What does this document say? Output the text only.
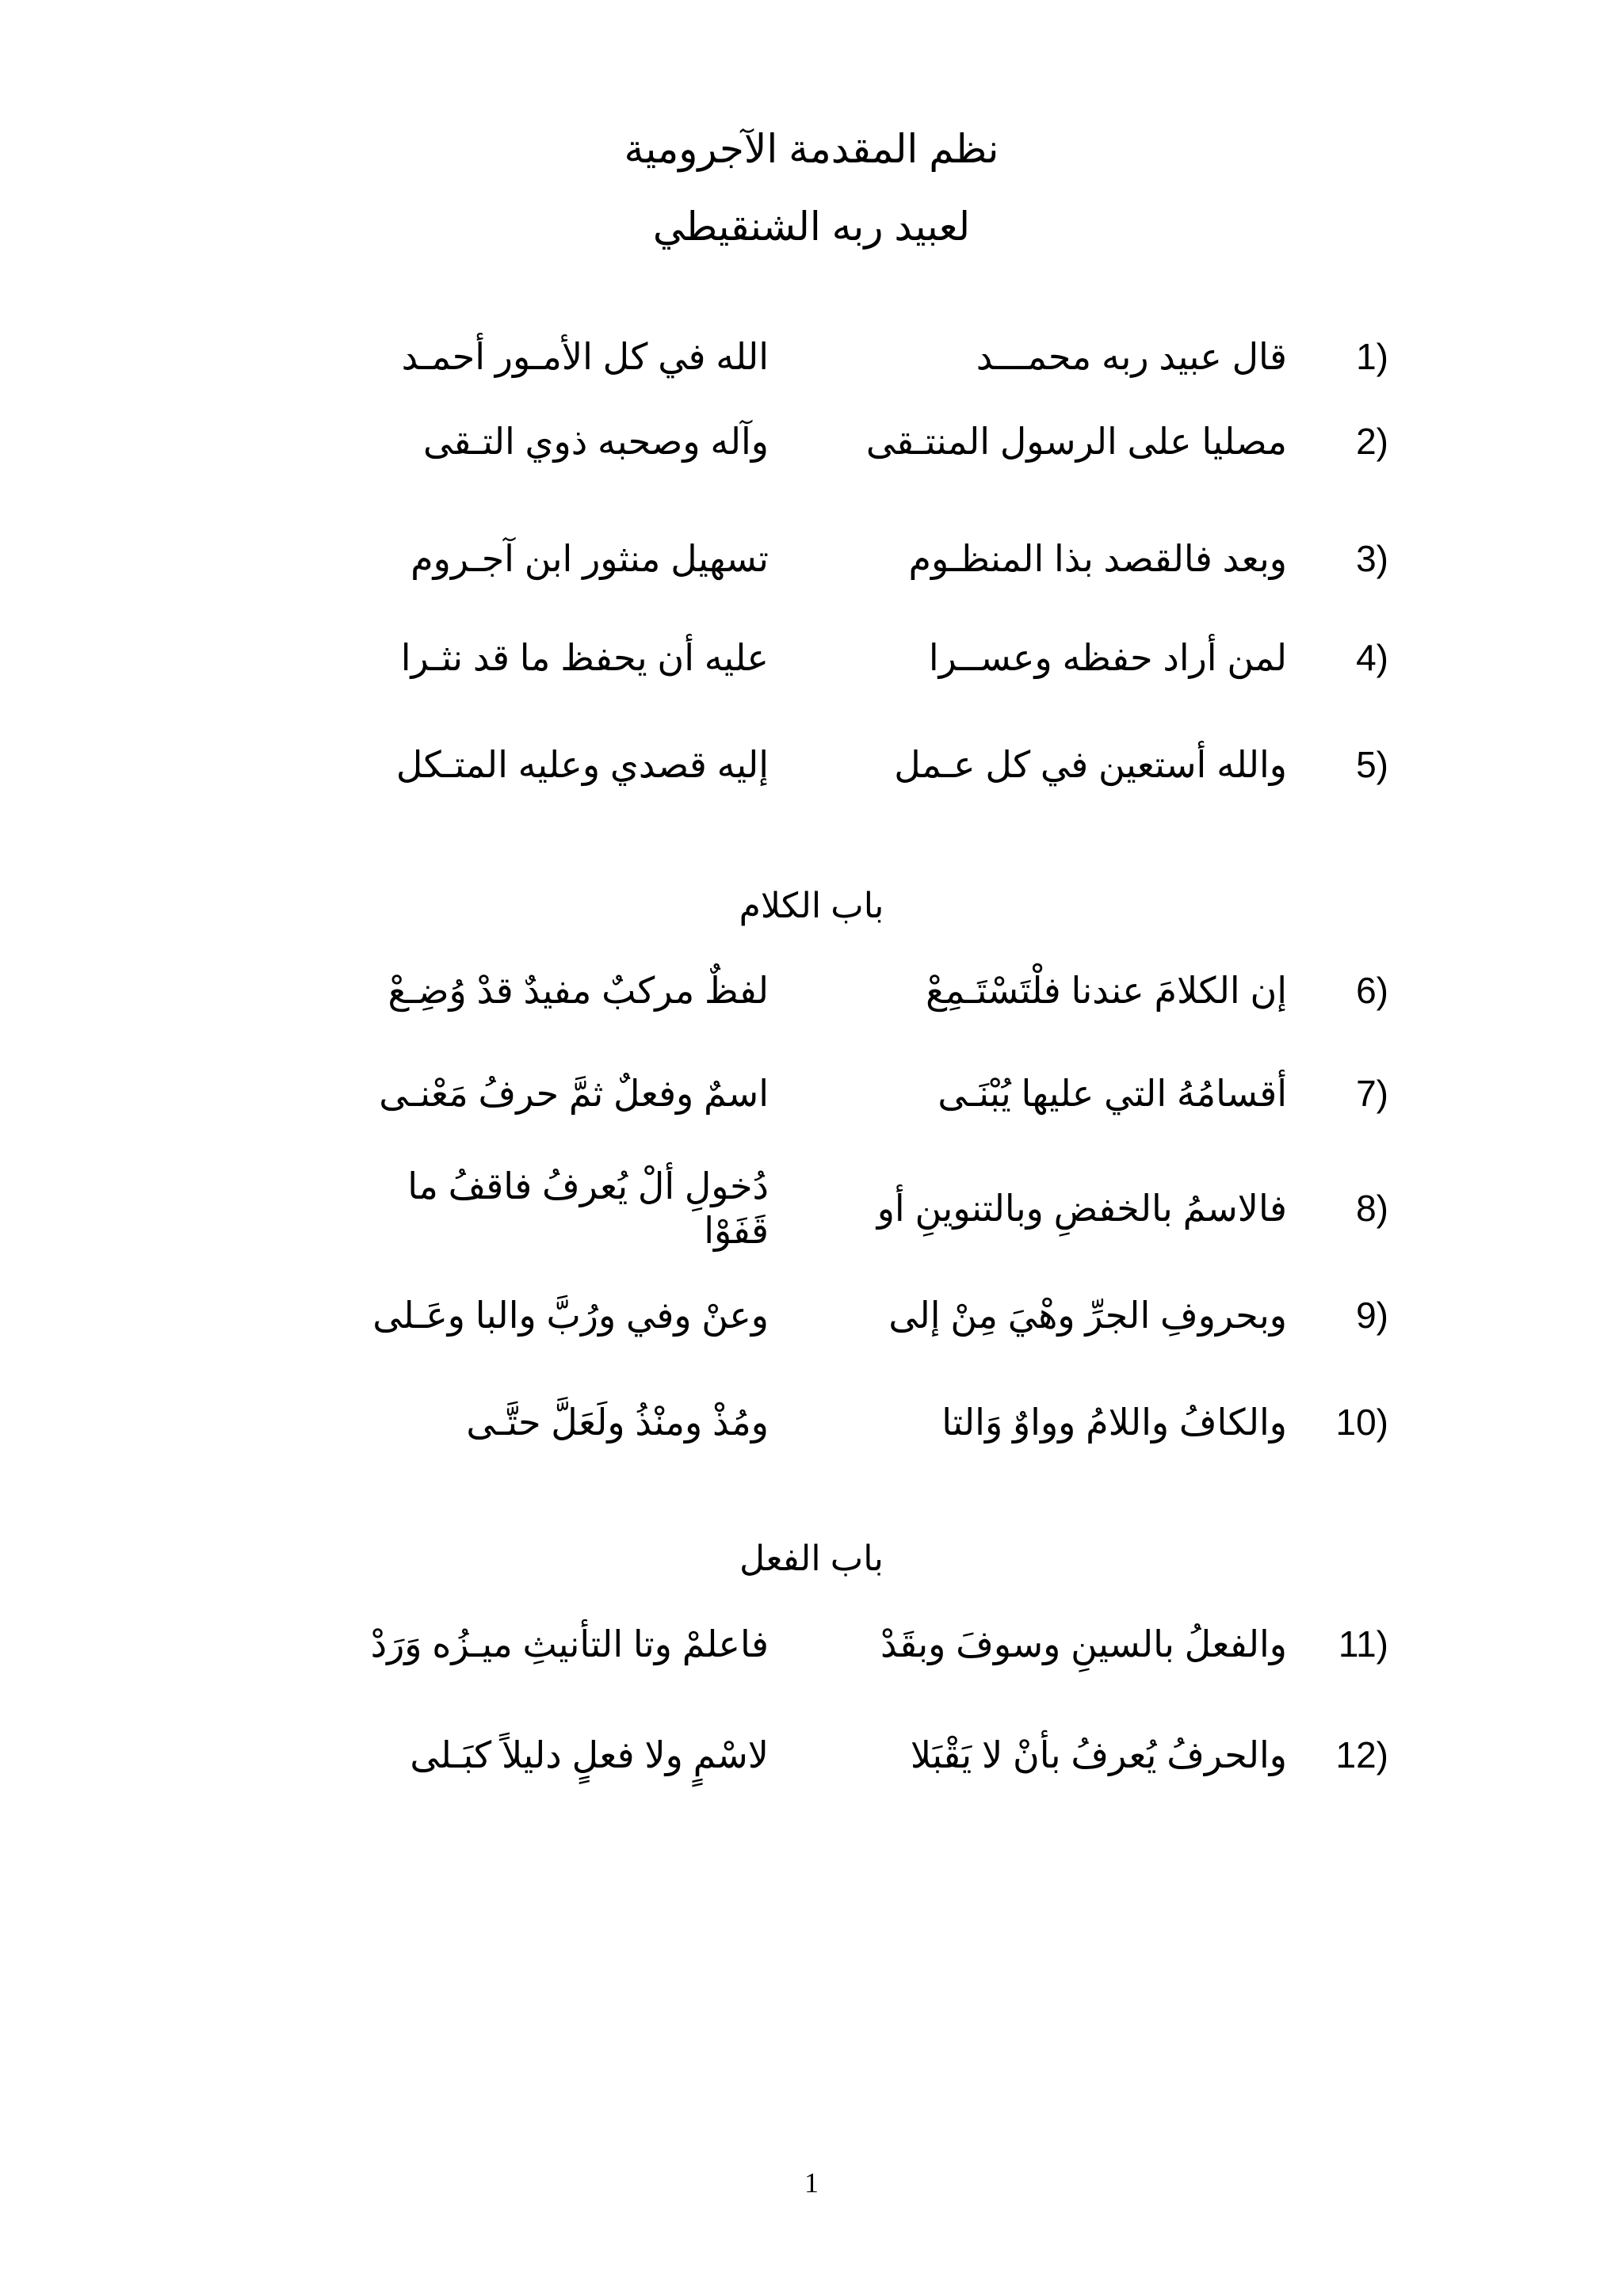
نظم المقدمة الآجرومية
لعبيد ربه الشنقيطي
1)
قال عبيد ربه محمـــد
الله في كل الأمـور أحمـد
2)
مصليا على الرسول المنتـقى
وآله وصحبه ذوي التـقى
3)
وبعد فالقصد بذا المنظـوم
تسهيل منثور ابن آجـروم
4)
لمن أراد حفظه وعســرا
عليه أن يحفظ ما قد نثـرا
5)
والله أستعين في كل عـمل
إليه قصدي وعليه المتـكل
باب الكلام
6)
إن الكلامَ عندنا فلْتَسْتَـمِعْ
لفظٌ مركبٌ مفيدٌ قدْ وُضِـعْ
7)
أقسامُهُ التي عليها يُبْنَـى
اسمٌ وفعلٌ ثمَّ حرفُ مَعْنـى
8)
فالاسمُ بالخفضِ وبالتنوينِ أو
دُخولِ ألْ يُعرفُ فاقفُ ما قَفَوْا
9)
وبحروفِ الجرِّ وهْيَ مِنْ إلى
وعنْ وفي ورُبَّ والبا وعَـلى
10)
والكافُ واللامُ وواوٌ وَالتا
ومُذْ ومنْذُ ولَعَلَّ حتَّـى
باب الفعل
11)
والفعلُ بالسينِ وسوفَ وبقَدْ
فاعلمْ وتا التأنيثِ ميـزُه وَرَدْ
12)
والحرفُ يُعرفُ بأنْ لا يَقْبَلا
لاسْمٍ ولا فعلٍ دليلاً كبَـلى
1
